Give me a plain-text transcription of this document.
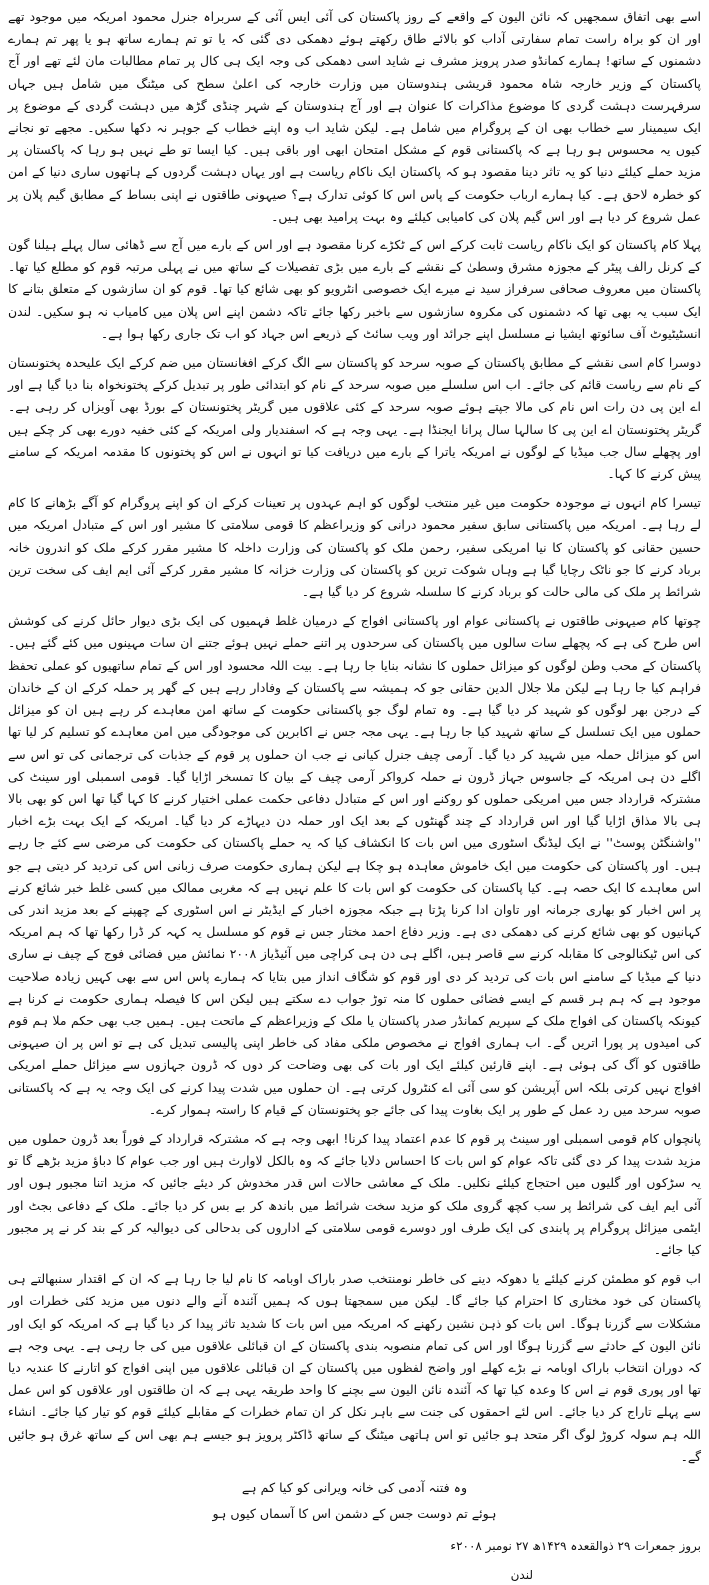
اسے بھی اتفاق سمجھیں کہ نائن الیون کے واقعے کے روز پاکستان کی آئی ایس آئی کے سربراہ جنرل محمود امریکہ میں موجود تھے اور ان کو براہ راست تمام سفارتی آداب کو بالائے طاق رکھتے ہوئے دھمکی دی گئی کہ یا تو تم ہمارے ساتھ ہو یا پھر تم ہمارے دشمنوں کے ساتھ! ہمارے کمانڈو صدر پرویز مشرف نے شاید اسی دھمکی کی وجہ ایک ہی کال پر تمام مطالبات مان لئے تھے اور آج پاکستان کے وزیر خارجہ شاہ محمود قریشی ہندوستان میں وزارت خارجہ کی اعلیٰ سطح کی میٹنگ میں شامل ہیں جہاں سرفہرست دہشت گردی کا موضوع مذاکرات کا عنوان ہے اور آج ہندوستان کے شہر چنڈی گڑھ میں دہشت گردی کے موضوع پر ایک سیمینار سے خطاب بھی ان کے پروگرام میں شامل ہے۔ لیکن شاید اب وہ اپنے خطاب کے جوہر نہ دکھا سکیں۔ مجھے تو نجانے کیوں یہ محسوس ہو رہا ہے کہ پاکستانی قوم کے مشکل امتحان ابھی اور باقی ہیں۔ کیا ایسا تو طے نہیں ہو رہا کہ پاکستان پر مزید حملے کیلئے دنیا کو یہ تاثر دینا مقصود ہو کہ پاکستان ایک ناکام ریاست ہے اور یہاں دہشت گردوں کے ہاتھوں ساری دنیا کے امن کو خطرہ لاحق ہے۔ کیا ہمارے ارباب حکومت کے پاس اس کا کوئی تدارک ہے؟ صیہونی طاقتوں نے اپنی بساط کے مطابق گیم پلان پر عمل شروع کر دیا ہے اور اس گیم پلان کی کامیابی کیلئے وہ بہت پرامید بھی ہیں۔

پہلا کام پاکستان کو ایک ناکام ریاست ثابت کرکے اس کے ٹکڑے کرنا مقصود ہے اور اس کے بارے میں آج سے ڈھائی سال پہلے ہیلنا گون کے کرنل رالف پیٹر کے مجوزہ مشرق وسطیٰ کے نقشے کے بارے میں بڑی تفصیلات کے ساتھ میں نے پہلی مرتبہ قوم کو مطلع کیا تھا۔ پاکستان میں معروف صحافی سرفراز سید نے میرے ایک خصوصی انٹرویو کو بھی شائع کیا تھا۔ قوم کو ان سازشوں کے متعلق بتانے کا ایک سبب یہ بھی تھا کہ دشمنوں کی مکروہ سازشوں سے باخبر رکھا جائے تاکہ دشمن اپنے اس پلان میں کامیاب نہ ہو سکیں۔ لندن انسٹیٹیوٹ آف سائوتھ ایشیا نے مسلسل اپنے جرائد اور ویب سائٹ کے ذریعے اس جہاد کو اب تک جاری رکھا ہوا ہے۔

دوسرا کام اسی نقشے کے مطابق پاکستان کے صوبہ سرحد کو پاکستان سے الگ کرکے افغانستان میں ضم کرکے ایک علیحدہ پختونستان کے نام سے ریاست قائم کی جائے۔ اب اس سلسلے میں صوبہ سرحد کے نام کو ابتدائی طور پر تبدیل کرکے پختونخواہ بنا دیا گیا ہے اور اے این پی دن رات اس نام کی مالا جپتے ہوئے صوبہ سرحد کے کئی علاقوں میں گریٹر پختونستان کے بورڈ بھی آویزاں کر رہی ہے۔ گریٹر پختونستان اے این پی کا سالہا سال پرانا ایجنڈا ہے۔ یہی وجہ ہے کہ اسفندیار ولی امریکہ کے کئی خفیہ دورے بھی کر چکے ہیں اور پچھلے سال جب میڈیا کے لوگوں نے امریکہ یاترا کے بارے میں دریافت کیا تو انہوں نے اس کو پختونوں کا مقدمہ امریکہ کے سامنے پیش کرنے کا کہا۔

تیسرا کام انہوں نے موجودہ حکومت میں غیر منتخب لوگوں کو اہم عہدوں پر تعینات کرکے ان کو اپنے پروگرام کو آگے بڑھانے کا کام لے رہا ہے۔ امریکہ میں پاکستانی سابق سفیر محمود درانی کو وزیراعظم کا قومی سلامتی کا مشیر اور اس کے متبادل امریکہ میں حسین حقانی کو پاکستان کا نیا امریکی سفیر، رحمن ملک کو پاکستان کی وزارت داخلہ کا مشیر مقرر کرکے ملک کو اندرون خانہ برباد کرنے کا جو ناٹک رچایا گیا ہے وہاں شوکت ترین کو پاکستان کی وزارت خزانہ کا مشیر مقرر کرکے آئی ایم ایف کی سخت ترین شرائط پر ملک کی مالی حالت کو برباد کرنے کا سلسلہ شروع کر دیا گیا ہے۔

چوتھا کام صیہونی طاقتوں نے پاکستانی عوام اور پاکستانی افواج کے درمیان غلط فہمیوں کی ایک بڑی دیوار حائل کرنے کی کوشش اس طرح کی ہے کہ پچھلے سات سالوں میں پاکستان کی سرحدوں پر اتنے حملے نہیں ہوئے جتنے ان سات مہینوں میں کئے گئے ہیں۔ پاکستان کے محب وطن لوگوں کو میزائل حملوں کا نشانہ بنایا جا رہا ہے۔ بیت اللہ محسود اور اس کے تمام ساتھیوں کو عملی تحفظ فراہم کیا جا رہا ہے لیکن ملا جلال الدین حقانی جو کہ ہمیشہ سے پاکستان کے وفادار رہے ہیں کے گھر پر حملہ کرکے ان کے خاندان کے درجن بھر لوگوں کو شہید کر دیا گیا ہے۔ وہ تمام لوگ جو پاکستانی حکومت کے ساتھ امن معاہدے کر رہے ہیں ان کو میزائل حملوں میں ایک تسلسل کے ساتھ شہید کیا جا رہا ہے۔ یہی مجہ جس نے اکابرین کی موجودگی میں امن معاہدے کو تسلیم کر لیا تھا اس کو میزائل حملہ میں شہید کر دیا گیا۔ آرمی چیف جنرل کیانی نے جب ان حملوں پر قوم کے جذبات کی ترجمانی کی تو اس سے اگلے دن ہی امریکہ کے جاسوس جہاز ڈرون نے حملہ کرواکر آرمی چیف کے بیان کا تمسخر اڑایا گیا۔ قومی اسمبلی اور سینٹ کی مشترکہ قرارداد جس میں امریکی حملوں کو روکنے اور اس کے متبادل دفاعی حکمت عملی اختیار کرنے کا کہا گیا تھا اس کو بھی بالا ہی بالا مذاق اڑایا گیا اور اس قرارداد کے چند گھنٹوں کے بعد ایک اور حملہ دن دیہاڑے کر دیا گیا۔ امریکہ کے ایک بہت بڑے اخبار ''واشنگٹن پوسٹ'' نے ایک لیڈنگ اسٹوری میں اس بات کا انکشاف کیا کہ یہ حملے پاکستان کی حکومت کی مرضی سے کئے جا رہے ہیں۔ اور پاکستان کی حکومت میں ایک خاموش معاہدہ ہو چکا ہے لیکن ہماری حکومت صرف زبانی اس کی تردید کر دیتی ہے جو اس معاہدے کا ایک حصہ ہے۔ کیا پاکستان کی حکومت کو اس بات کا علم نہیں ہے کہ مغربی ممالک میں کسی غلط خبر شائع کرنے پر اس اخبار کو بھاری جرمانہ اور تاوان ادا کرنا پڑتا ہے جبکہ مجوزہ اخبار کے ایڈیٹر نے اس اسٹوری کے چھپنے کے بعد مزید اندر کی کہانیوں کو بھی شائع کرنے کی دھمکی دی ہے۔ وزیر دفاع احمد مختار جس نے قوم کو مسلسل یہ کہہ کر ڈرا رکھا تھا کہ ہم امریکہ کی اس ٹیکنالوجی کا مقابلہ کرنے سے قاصر ہیں، اگلے ہی دن ہی کراچی میں آئیڈیاز ۲۰۰۸ نمائش میں فضائی فوج کے چیف نے ساری دنیا کے میڈیا کے سامنے اس بات کی تردید کر دی اور قوم کو شگاف انداز میں بتایا کہ ہمارے پاس اس سے بھی کہیں زیادہ صلاحیت موجود ہے کہ ہم ہر قسم کے ایسے فضائی حملوں کا منہ توڑ جواب دے سکتے ہیں لیکن اس کا فیصلہ ہماری حکومت نے کرنا ہے کیونکہ پاکستان کی افواج ملک کے سپریم کمانڈر صدر پاکستان یا ملک کے وزیراعظم کے ماتحت ہیں۔ ہمیں جب بھی حکم ملا ہم قوم کی امیدوں پر پورا اتریں گے۔ اب ہماری افواج نے مخصوص ملکی مفاد کی خاطر اپنی پالیسی تبدیل کی ہے تو اس پر ان صیہونی طاقتوں کو آگ کی ہوئی ہے۔ اپنے قارئین کیلئے ایک اور بات کی بھی وضاحت کر دوں کہ ڈرون جہازوں سے میزائل حملے امریکی افواج نہیں کرتی بلکہ اس آپریشن کو سی آئی اے کنٹرول کرتی ہے۔ ان حملوں میں شدت پیدا کرنے کی ایک وجہ یہ ہے کہ پاکستانی صوبہ سرحد میں رد عمل کے طور پر ایک بغاوت پیدا کی جائے جو پختونستان کے قیام کا راستہ ہموار کرے۔

پانچواں کام قومی اسمبلی اور سینٹ پر قوم کا عدم اعتماد پیدا کرنا! ابھی وجہ ہے کہ مشترکہ قرارداد کے فوراً بعد ڈرون حملوں میں مزید شدت پیدا کر دی گئی تاکہ عوام کو اس بات کا احساس دلایا جائے کہ وہ بالکل لاوارث ہیں اور جب عوام کا دباؤ مزید بڑھے گا تو یہ سڑکوں اور گلیوں میں احتجاج کیلئے نکلیں۔ ملک کے معاشی حالات اس قدر مخدوش کر دیئے جائیں کہ مزید اتنا مجبور ہوں اور آئی ایم ایف کی شرائط پر سب کچھ گروی ملک کو مزید سخت شرائط میں باندھ کر بے بس کر دیا جائے۔ ملک کے دفاعی بجٹ اور ایٹمی میزائل پروگرام پر پابندی کی ایک طرف اور دوسرے قومی سلامتی کے اداروں کی بدحالی کی دیوالیہ کر کے بند کر نے پر مجبور کیا جائے۔

اب قوم کو مطمئن کرنے کیلئے یا دھوکہ دینے کی خاطر نومنتخب صدر باراک اوبامہ کا نام لیا جا رہا ہے کہ ان کے اقتدار سنبھالتے ہی پاکستان کی خود مختاری کا احترام کیا جائے گا۔ لیکن میں سمجھتا ہوں کہ ہمیں آئندہ آنے والے دنوں میں مزید کئی خطرات اور مشکلات سے گزرنا ہوگا۔ اس بات کو ذہن نشین رکھنے کہ امریکہ میں اس بات کا شدید تاثر پیدا کر دیا گیا ہے کہ امریکہ کو ایک اور نائن الیون کے حادثے سے گزرنا ہوگا اور اس کی تمام منصوبہ بندی پاکستان کے ان قبائلی علاقوں میں کی جا رہی ہے۔ یہی وجہ ہے کہ دوران انتخاب باراک اوبامہ نے بڑے کھلے اور واضح لفظوں میں پاکستان کے ان قبائلی علاقوں میں اپنی افواج کو اتارنے کا عندیہ دیا تھا اور پوری قوم نے اس کا وعدہ کیا تھا کہ آئندہ نائن الیون سے بچنے کا واحد طریقہ یہی ہے کہ ان طاقتوں اور علاقوں کو اس عمل سے پہلے تاراج کر دیا جائے۔ اس لئے احمقوں کی جنت سے باہر نکل کر ان تمام خطرات کے مقابلے کیلئے قوم کو تیار کیا جائے۔ انشاء اللہ ہم سولہ کروڑ لوگ اگر متحد ہو جائیں تو اس ہاتھی میٹنگ کے ساتھ ڈاکٹر پرویز ہو جیسے ہم بھی اس کے ساتھ غرق ہو جائیں گے۔

وہ فتنہ آدمی کی خانہ ویرانی کو کیا کم ہے
ہوئے تم دوست جس کے دشمن اس کا آسماں کیوں ہو
بروز جمعرات ۲۹ ذوالقعدہ ۱۴۲۹ھ ۲۷ نومبر ۲۰۰۸ء
لندن
